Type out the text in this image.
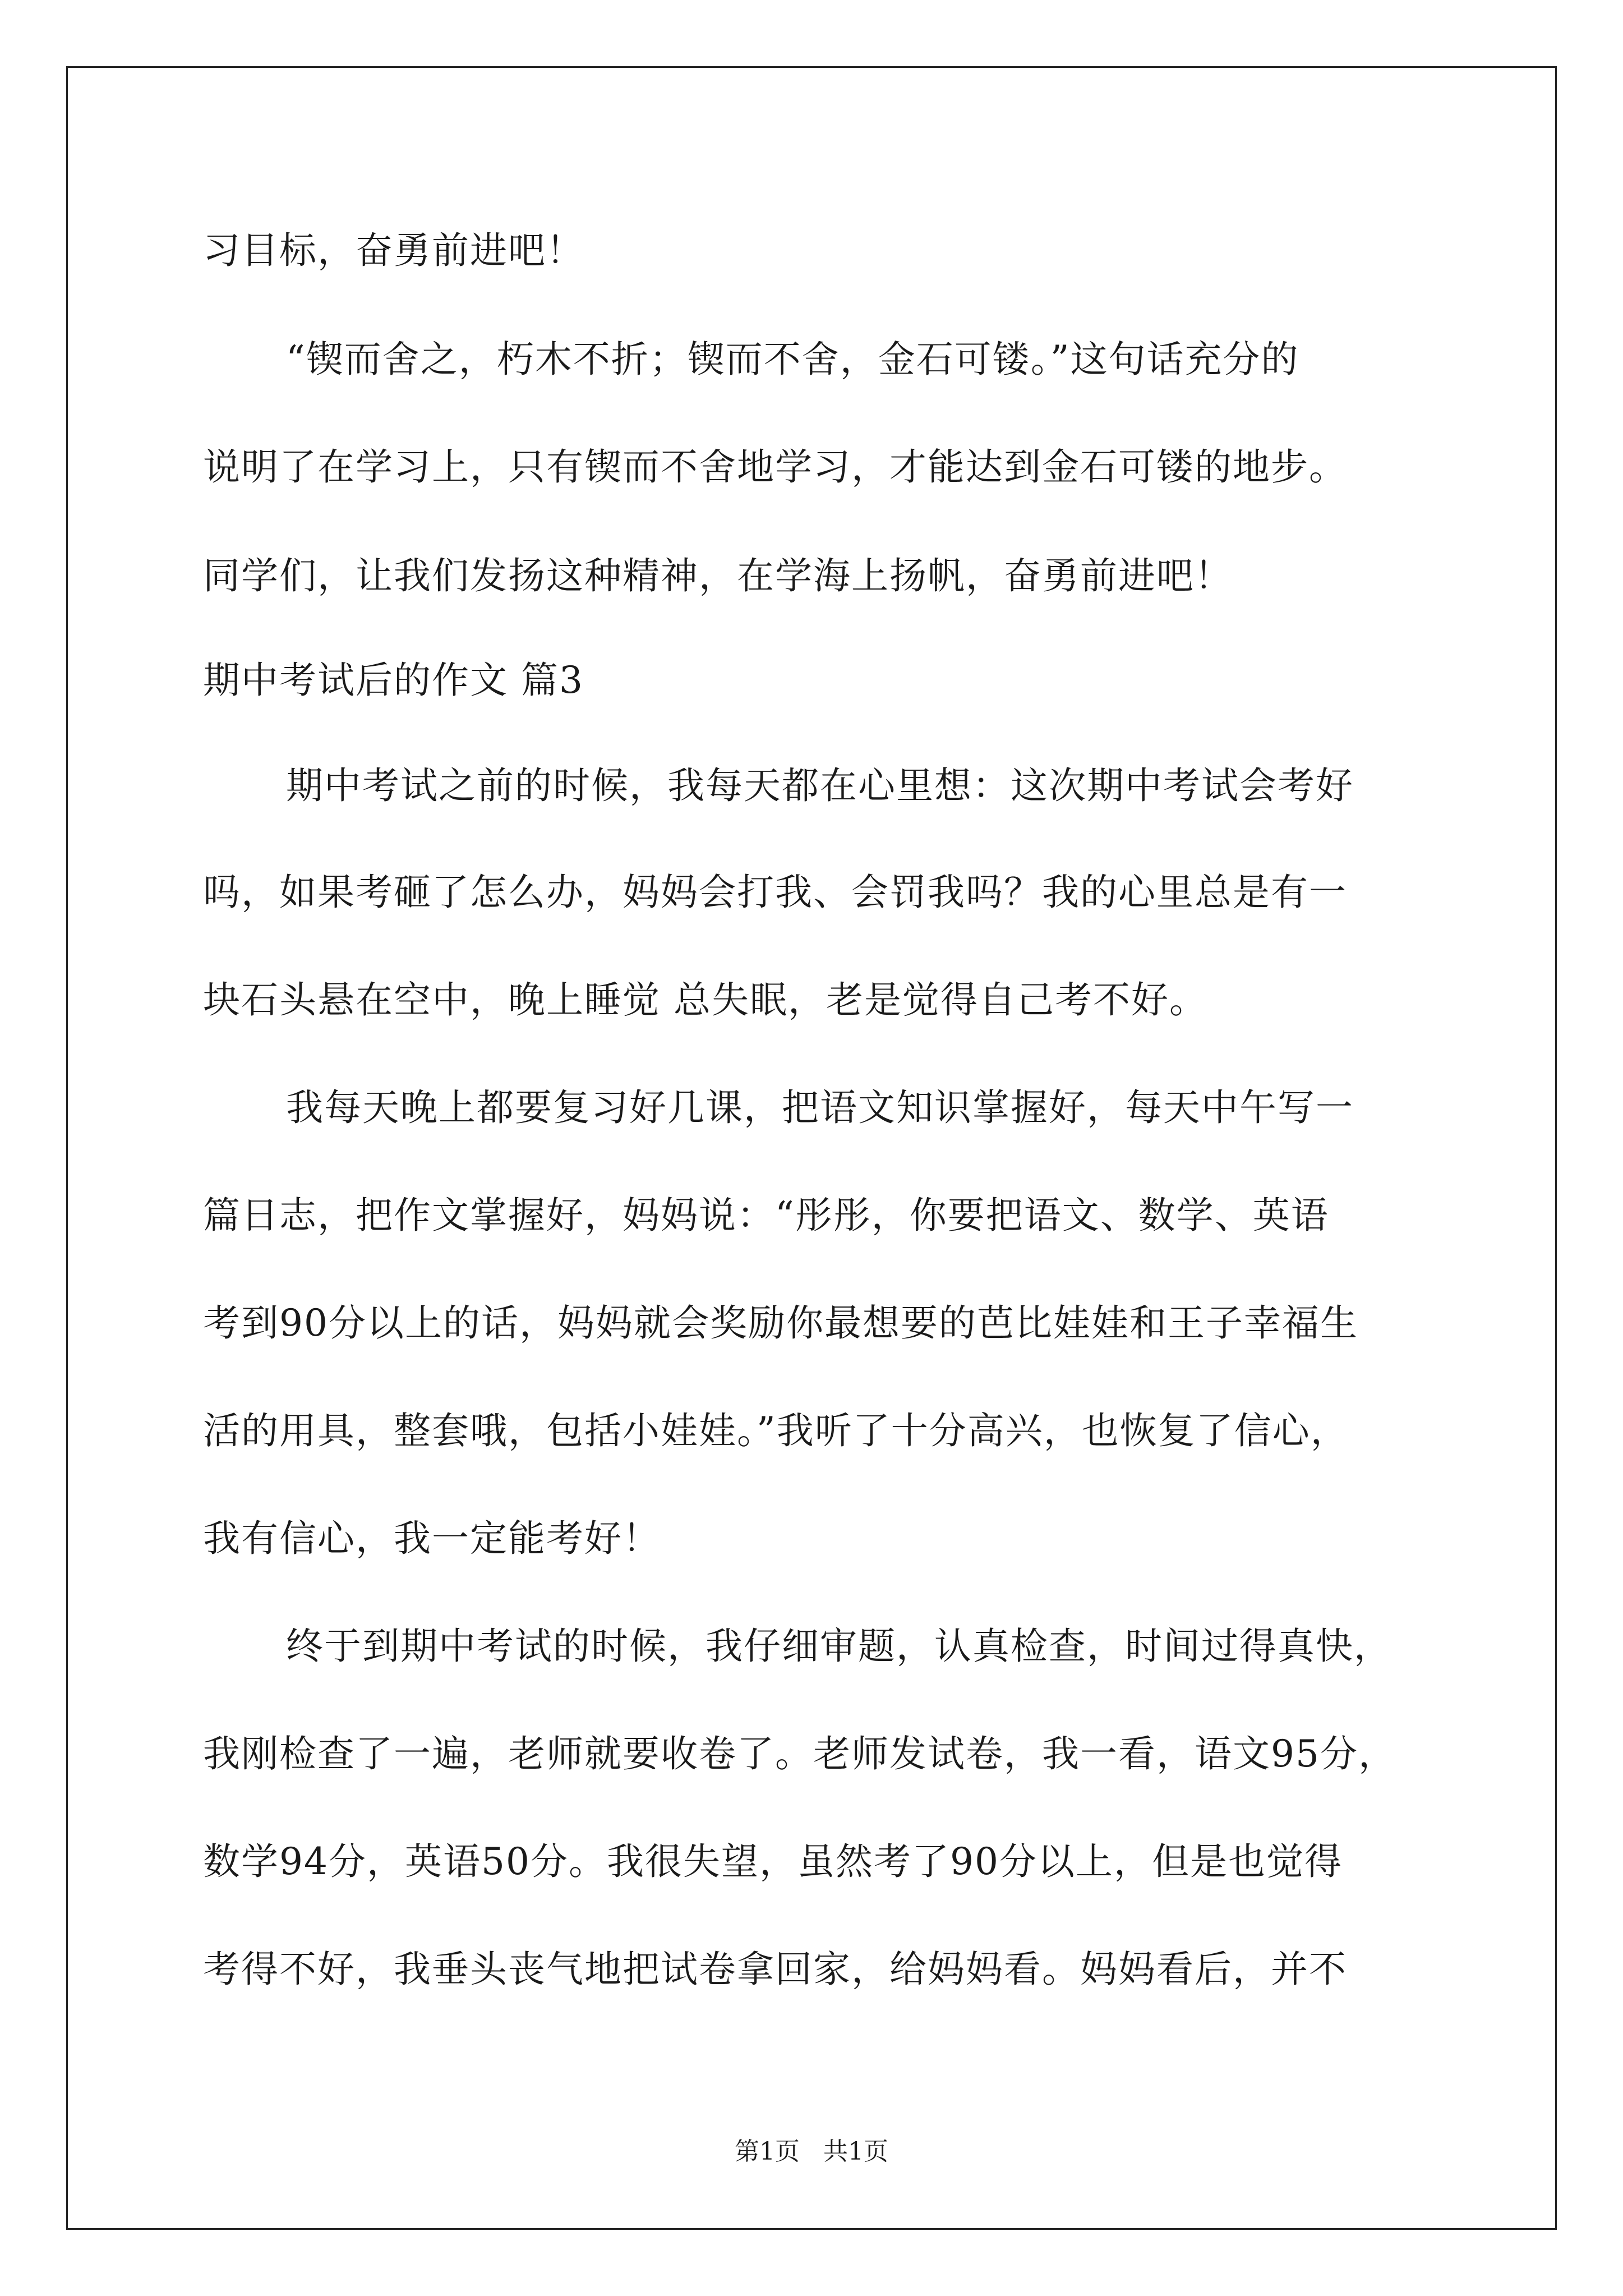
习目标，奋勇前进吧！
“锲而舍之，朽木不折；锲而不舍，金石可镂。”这句话充分的
说明了在学习上，只有锲而不舍地学习，才能达到金石可镂的地步。
同学们，让我们发扬这种精神，在学海上扬帆，奋勇前进吧！
期中考试后的作文 篇3
期中考试之前的时候，我每天都在心里想：这次期中考试会考好
吗，如果考砸了怎么办，妈妈会打我、会罚我吗？我的心里总是有一
块石头悬在空中，晚上睡觉 总失眠，老是觉得自己考不好。
我每天晚上都要复习好几课，把语文知识掌握好，每天中午写一
篇日志，把作文掌握好，妈妈说：“彤彤，你要把语文、数学、英语
考到90分以上的话，妈妈就会奖励你最想要的芭比娃娃和王子幸福生
活的用具，整套哦，包括小娃娃。”我听了十分高兴，也恢复了信心，
我有信心，我一定能考好！
终于到期中考试的时候，我仔细审题，认真检查，时间过得真快，
我刚检查了一遍，老师就要收卷了。老师发试卷，我一看，语文95分，
数学94分，英语50分。我很失望，虽然考了90分以上，但是也觉得
考得不好，我垂头丧气地把试卷拿回家，给妈妈看。妈妈看后，并不
第1页   共1页
